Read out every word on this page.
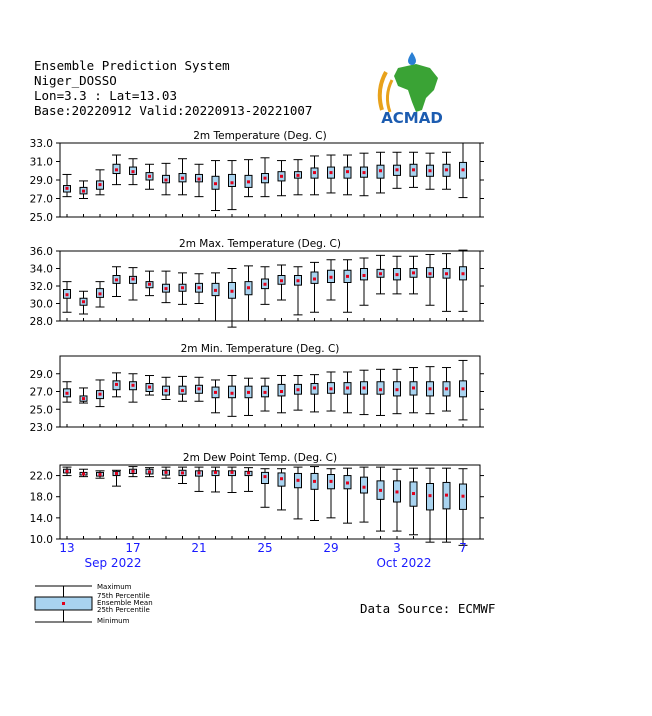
Ensemble Prediction System
Niger_DOSSO
Lon=3.3 : Lat=13.03
Base:20220912 Valid:20220913-20221007	ACMAD
2m Temperature (Deg. C)
25.0
27.0
29.0
31.0
33.0
2m Max. Temperature (Deg. C)
28.0
30.0
32.0
34.0
36.0
2m Min. Temperature (Deg. C)
23.0
25.0
27.0
29.0
2m Dew Point Temp. (Deg. C)
10.0
14.0
18.0
22.0
13	17	21	25	29	3	7
Sep 2022	Oct 2022
Maximum
75th Percentile
Ensemble Mean
25th Percentile
Minimum
Data Source: ECMWF
